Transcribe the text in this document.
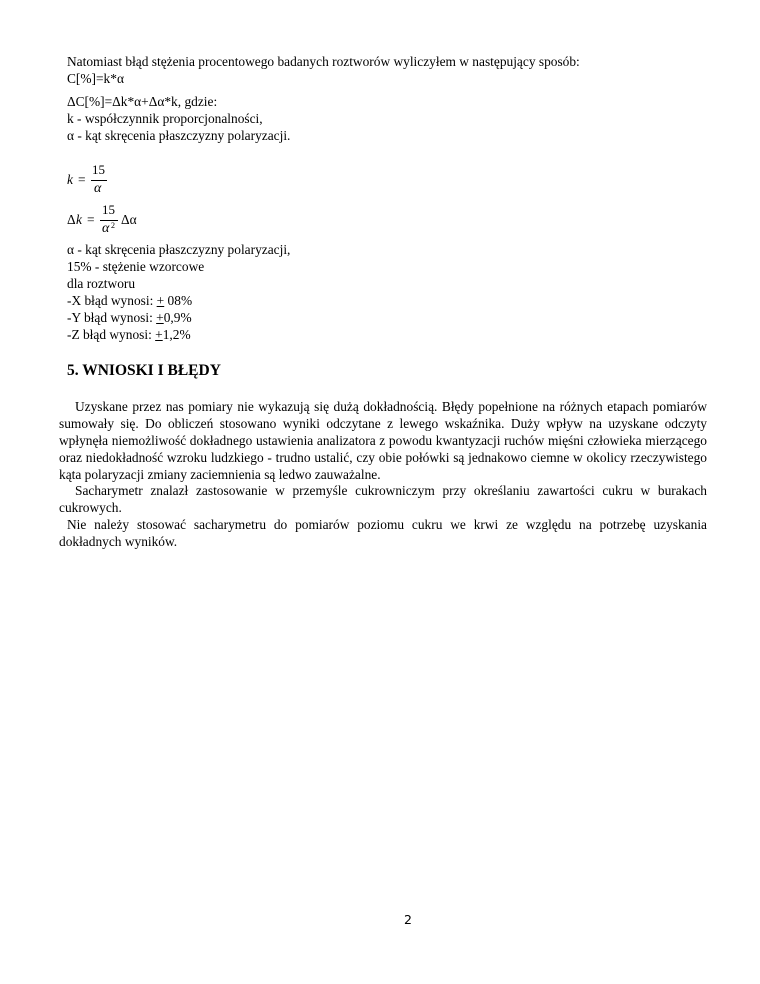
Natomiast błąd stężenia procentowego badanych roztworów wyliczyłem w następujący sposób:
C[%]=k*α
ΔC[%]=Δk*α+Δα*k, gdzie:
k - współczynnik proporcjonalności,
α - kąt skręcenia płaszczyzny polaryzacji.
k =
15
α
Δ k =
15
α 2 Δα
α - kąt skręcenia płaszczyzny polaryzacji,
15% - stężenie wzorcowe
dla roztworu
-X błąd wynosi: + 08%
-Y błąd wynosi: +0,9%
-Z błąd wynosi: +1,2%
5. WNIOSKI I BŁĘDY

Uzyskane przez nas pomiary nie wykazują się dużą dokładnością. Błędy popełnione na różnych etapach pomiarów sumowały się. Do obliczeń stosowano wyniki odczytane z lewego wskaźnika. Duży wpływ na uzyskane odczyty wpłynęła niemożliwość dokładnego ustawienia analizatora z powodu kwantyzacji ruchów mięśni człowieka mierzącego oraz niedokładność wzroku ludzkiego - trudno ustalić, czy obie połówki są jednakowo ciemne w okolicy rzeczywistego kąta polaryzacji zmiany zaciemnienia są ledwo zauważalne.

Sacharymetr znalazł zastosowanie w przemyśle cukrowniczym przy określaniu zawartości cukru w burakach cukrowych.

Nie należy stosować sacharymetru do pomiarów poziomu cukru we krwi ze względu na potrzebę uzyskania dokładnych wyników.

2
